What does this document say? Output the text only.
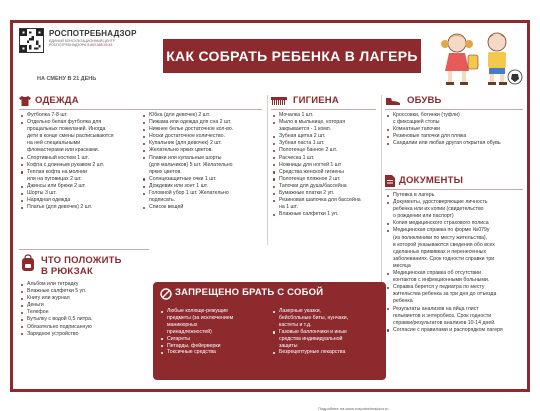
РОСПОТРЕБНАДЗОР
ЕДИНЫЙ КОНСУЛЬТАЦИОННЫЙ ЦЕНТР
РОСПОТРЕБНАДЗОРА 8-800-555-49-43
КАК СОБРАТЬ РЕБЕНКА В ЛАГЕРЬ
НА СМЕНУ В 21 ДЕНЬ
ОДЕЖДА
Футболка 7-8 шт.
Отдельно белая футболка для
прощальных пожеланий. Иногда
дети в конце смены расписываются
на ней специальными
фломастерами или красками.
Спортивный костюм 1 шт.
Кофта с длинным рукавом 2 шт.
Теплая кофта на молнии
или на пуговицах 2 шт.
Джинсы или брюки 2 шт.
Шорты 3 шт.
Нарядная одежда
Платье (для девочек) 2 шт.
Юбка (для девочек) 2 шт.
Пижама или одежда для сна 2 шт.
Нижнее белье достаточное кол-во.
Носки достаточное количество.
Купальник (для девочек) 2 шт.
Желательно ярких цветов.
Плавки или купальные шорты
(для мальчиков) 5 шт. Желательно
ярких цветов.
Солнцезащитные очки 1 шт.
Дождевик или зонт 1 шт.
Головной убор 1 шт. Желательно
подписать.
Список вещей
ГИГИЕНА
Мочалка 1 шт.
Мыло в мыльнице, которая
закрывается - 1 комп.
Зубная щетка 2 шт.
Зубная паста 1 шт.
Полотенце банное 2 шт.
Расческа 1 шт.
Ножницы для ногтей 1 шт
Средства женской гигиены
Полотенце пляжное 2 шт.
Тапочки для душа/бассейна
Бумажные платки 2 уп.
Резиновая шапочка для бассейна
на 1 шт.
Влажные салфетки 1 уп.
ОБУВЬ
Кроссовки, ботинки (туфли)
с фиксацией стопы
Комнатные тапочки
Резиновые тапочки для пляжа
Сандалии или любая другая открытая обувь
ДОКУМЕНТЫ
Путевка в лагерь
Документы, удостоверяющие личность
ребенка или их копии (свидетельство
о рождении или паспорт)
Копия медицинского страхового полиса
Медицинская справка по форме №079у
(из поликлиники по месту жительства),
в которой указываются сведения обо всех
сделанных прививках и перенесенных
заболеваниях. Срок годности справки три
месяца
Медицинская справка об отсутствии
контактов с инфекционными больными.
Справка берется у педиатра по месту
жительства ребенка за три дня до отъезда
ребенка
Результаты анализов на яйца глист
гельминтов и энтеробиоз. Срок годности
справки/результатов анализов 10-14 дней.
Согласие с правилами и распорядком лагеря
ЧТО ПОЛОЖИТЬ
В РЮКЗАК
Альбом или тетрадку
Влажные салфетки 5 уп.
Книгу или журнал
Деньги
Телефон
Бутылку с водой 0,5 литра.
Обязательно подписанную
Зарядное устройство
ЗАПРЕЩЕНО БРАТЬ С СОБОЙ
Любые колюще-режущие
предметы (за исключением
маникюрных
принадлежностей)
Сигареты
Петарды, фейерверки
Токсичные средства
Лазерные указки,
бейсбольные биты, нунчаки,
кастеты и т.д.
Газовые баллончики и иные
средства индивидуальной
защиты
Безрецептурные лекарства
Подробнее на www.rospotrebnadzor.ru
